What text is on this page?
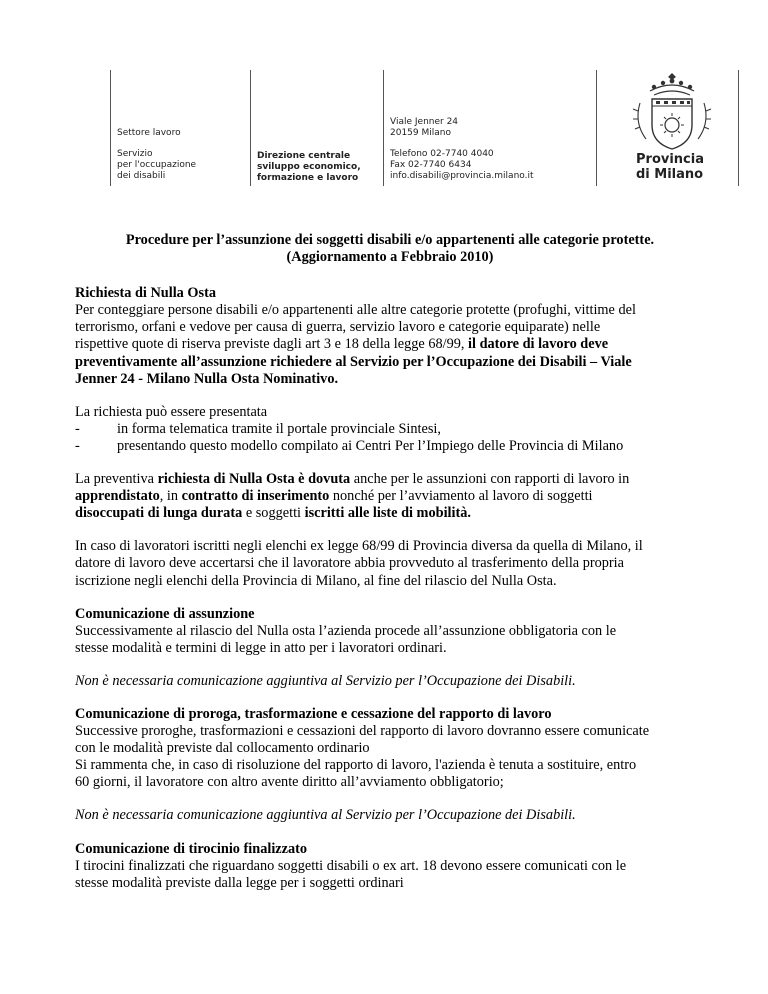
Settore lavoro
Servizio
per l'occupazione
dei disabili
Direzione centrale
sviluppo economico,
formazione e lavoro
Viale Jenner 24
20159 Milano
Telefono 02-7740 4040
Fax 02-7740 6434
info.disabili@provincia.milano.it
Provincia
di Milano
Procedure per l’assunzione dei soggetti disabili e/o appartenenti alle categorie protette.
(Aggiornamento a Febbraio 2010)
Richiesta di Nulla Osta
Per conteggiare persone disabili e/o appartenenti alle altre categorie protette (profughi, vittime del
terrorismo, orfani e vedove per causa di guerra, servizio lavoro e categorie equiparate) nelle
rispettive quote di riserva previste dagli art 3 e 18 della legge 68/99, il datore di lavoro deve
preventivamente all’assunzione richiedere al Servizio per l’Occupazione dei Disabili – Viale
Jenner 24 - Milano Nulla Osta Nominativo.
La richiesta può essere presentata
-	in forma telematica tramite il portale provinciale Sintesi,
-	presentando questo modello compilato ai Centri Per l’Impiego delle Provincia di Milano
La preventiva richiesta di Nulla Osta è dovuta anche per le assunzioni con rapporti di lavoro in
apprendistato, in contratto di inserimento nonché per l’avviamento al lavoro di soggetti
disoccupati di lunga durata e soggetti iscritti alle liste di mobilità.
In caso di lavoratori iscritti negli elenchi ex legge 68/99 di Provincia diversa da quella di Milano, il
datore di lavoro deve accertarsi che il lavoratore abbia provveduto al trasferimento della propria
iscrizione negli elenchi della Provincia di Milano, al fine del rilascio del Nulla Osta.
Comunicazione di assunzione
Successivamente al rilascio del Nulla osta l’azienda procede all’assunzione obbligatoria con le
stesse modalità e termini di legge in atto per i lavoratori ordinari.
Non è necessaria comunicazione aggiuntiva al Servizio per l’Occupazione dei Disabili.
Comunicazione di proroga, trasformazione e cessazione del rapporto di lavoro
Successive proroghe, trasformazioni e cessazioni del rapporto di lavoro dovranno essere comunicate
con le modalità previste dal collocamento ordinario
Si rammenta che, in caso di risoluzione del rapporto di lavoro, l'azienda è tenuta a sostituire, entro
60 giorni, il lavoratore con altro avente diritto all’avviamento obbligatorio;
Non è necessaria comunicazione aggiuntiva al Servizio per l’Occupazione dei Disabili.
Comunicazione di tirocinio finalizzato
I tirocini finalizzati che riguardano soggetti disabili o ex art. 18 devono essere comunicati con le
stesse modalità previste dalla legge per i soggetti ordinari
